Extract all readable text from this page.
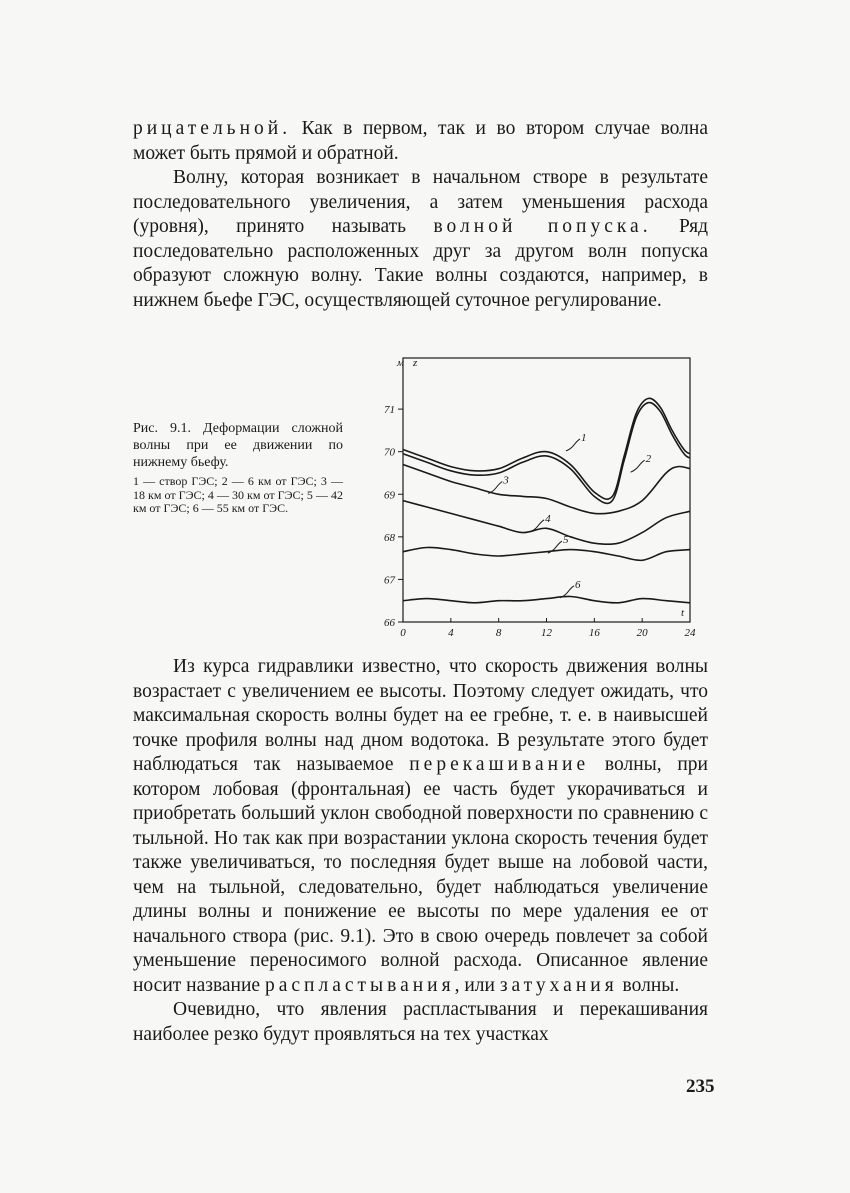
рицательной. Как в первом, так и во втором случае волна может быть прямой и обратной.

Волну, которая возникает в начальном створе в результате последовательного увеличения, а затем уменьшения расхода (уровня), принято называть волной попуска. Ряд последовательно расположенных друг за другом волн попуска образуют сложную волну. Такие волны создаются, например, в нижнем бьефе ГЭС, осуществляющей суточное регулирование.

Рис. 9.1. Деформации сложной волны при ее движении по нижнему бьефу.

1 — створ ГЭС; 2 — 6 км от ГЭС; 3 — 18 км от ГЭС; 4 — 30 км от ГЭС; 5 — 42 км от ГЭС; 6 — 55 км от ГЭС.

66
67
68
69
70
71
0	4	8	12	16	20	24
1
2
3
4
5
6
м z
t

Из курса гидравлики известно, что скорость движения волны возрастает с увеличением ее высоты. Поэтому следует ожидать, что максимальная скорость волны будет на ее гребне, т. е. в наивысшей точке профиля волны над дном водотока. В результате этого будет наблюдаться так называемое перекашивание волны, при котором лобовая (фронтальная) ее часть будет укорачиваться и приобретать больший уклон свободной поверхности по сравнению с тыльной. Но так как при возрастании уклона скорость течения будет также увеличиваться, то последняя будет выше на лобовой части, чем на тыльной, следовательно, будет наблюдаться увеличение длины волны и понижение ее высоты по мере удаления ее от начального створа (рис. 9.1). Это в свою очередь повлечет за собой уменьшение переносимого волной расхода. Описанное явление носит название распластывания, или затухания волны.

Очевидно, что явления распластывания и перекашивания наиболее резко будут проявляться на тех участках

235
